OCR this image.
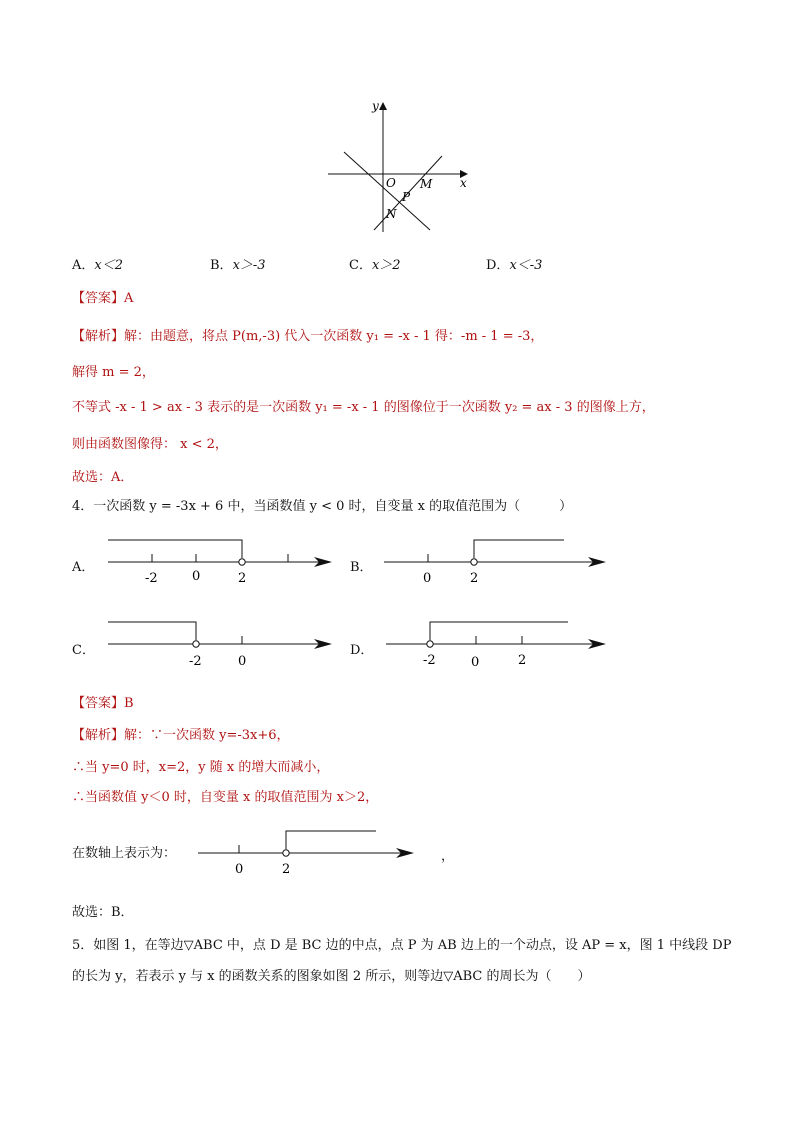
y
x
O M
P
N
A．x＜2	B．x＞-3	C．x＞2	D．x＜-3
【答案】A
【解析】解：由题意，将点 P(m,-3) 代入一次函数 y₁ = -x - 1 得：-m - 1 = -3，
解得 m = 2，
不等式 -x - 1 > ax - 3 表示的是一次函数 y₁ = -x - 1 的图像位于一次函数 y₂ = ax - 3 的图像上方，
则由函数图像得： x < 2，
故选：A．
4．一次函数 y = -3x + 6 中，当函数值 y < 0 时，自变量 x 的取值范围为（　　　）
A．
-2	0	2
B．
0	2
C．
-2	0
D．
-2	0	2
【答案】B
【解析】解：∵一次函数 y=-3x+6，
∴当 y=0 时，x=2，y 随 x 的增大而减小，
∴当函数值 y＜0 时，自变量 x 的取值范围为 x＞2，
在数轴上表示为：
0	2
，
故选：B．
5．如图 1，在等边▽ABC 中，点 D 是 BC 边的中点，点 P 为 AB 边上的一个动点，设 AP = x，图 1 中线段 DP
的长为 y，若表示 y 与 x 的函数关系的图象如图 2 所示，则等边▽ABC 的周长为（　　）
